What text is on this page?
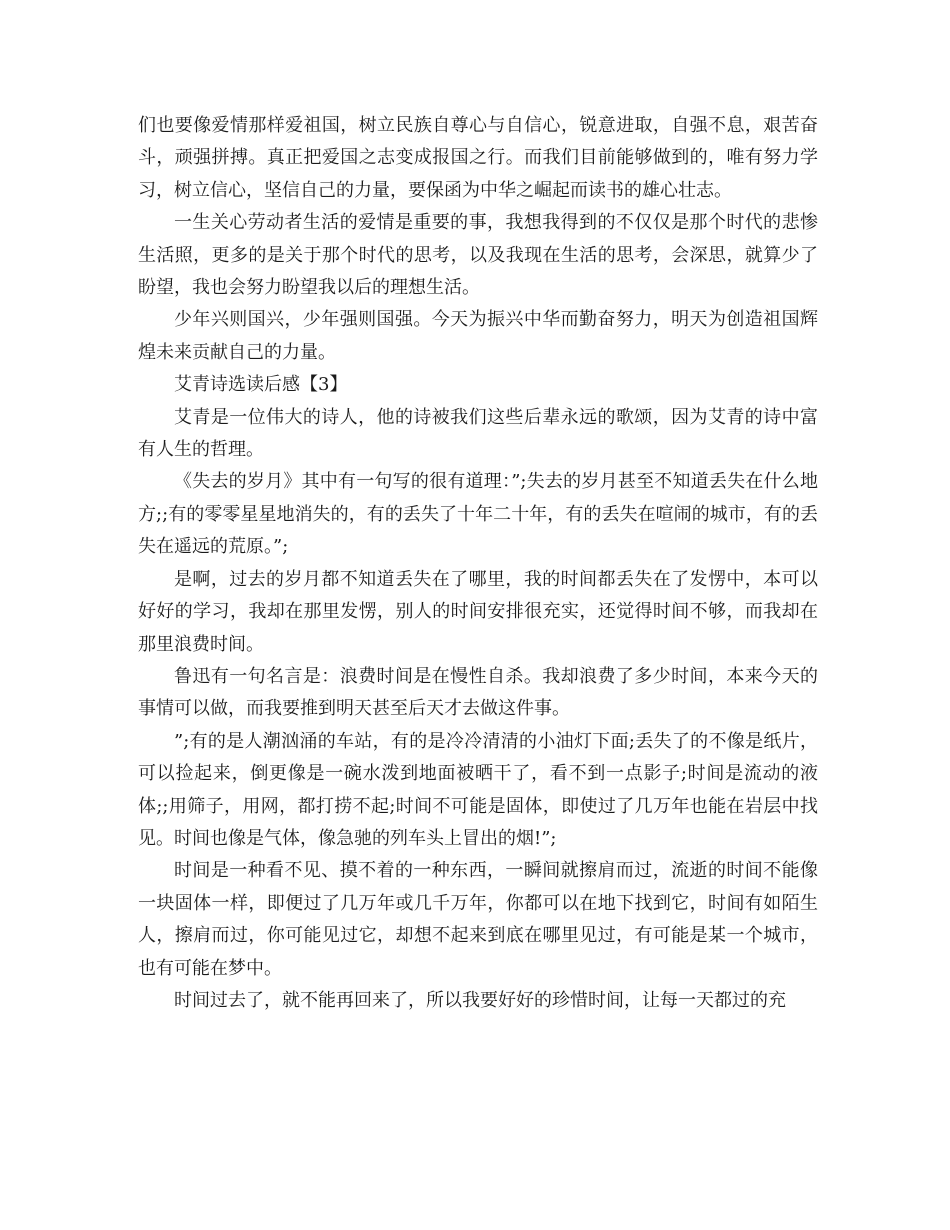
们也要像爱情那样爱祖国，树立民族自尊心与自信心，锐意进取，自强不息，艰苦奋斗，顽强拼搏。真正把爱国之志变成报国之行。而我们目前能够做到的，唯有努力学习，树立信心，坚信自己的力量，要保函为中华之崛起而读书的雄心壮志。

一生关心劳动者生活的爱情是重要的事，我想我得到的不仅仅是那个时代的悲惨生活照，更多的是关于那个时代的思考，以及我现在生活的思考，会深思，就算少了盼望，我也会努力盼望我以后的理想生活。

少年兴则国兴，少年强则国强。今天为振兴中华而勤奋努力，明天为创造祖国辉煌未来贡献自己的力量。

艾青诗选读后感【3】

艾青是一位伟大的诗人，他的诗被我们这些后辈永远的歌颂，因为艾青的诗中富有人生的哲理。

《失去的岁月》其中有一句写的很有道理：”;失去的岁月甚至不知道丢失在什么地方;;有的零零星星地消失的，有的丢失了十年二十年，有的丢失在喧闹的城市，有的丢失在遥远的荒原。”;

是啊，过去的岁月都不知道丢失在了哪里，我的时间都丢失在了发愣中，本可以好好的学习，我却在那里发愣，别人的时间安排很充实，还觉得时间不够，而我却在那里浪费时间。

鲁迅有一句名言是：浪费时间是在慢性自杀。我却浪费了多少时间，本来今天的事情可以做，而我要推到明天甚至后天才去做这件事。

”;有的是人潮汹涌的车站，有的是冷冷清清的小油灯下面;丢失了的不像是纸片，可以捡起来，倒更像是一碗水泼到地面被晒干了，看不到一点影子;时间是流动的液体;;用筛子，用网，都打捞不起;时间不可能是固体，即使过了几万年也能在岩层中找见。时间也像是气体，像急驰的列车头上冒出的烟!”;

时间是一种看不见、摸不着的一种东西，一瞬间就擦肩而过，流逝的时间不能像一块固体一样，即便过了几万年或几千万年，你都可以在地下找到它，时间有如陌生人，擦肩而过，你可能见过它，却想不起来到底在哪里见过，有可能是某一个城市，也有可能在梦中。

时间过去了，就不能再回来了，所以我要好好的珍惜时间，让每一天都过的充
